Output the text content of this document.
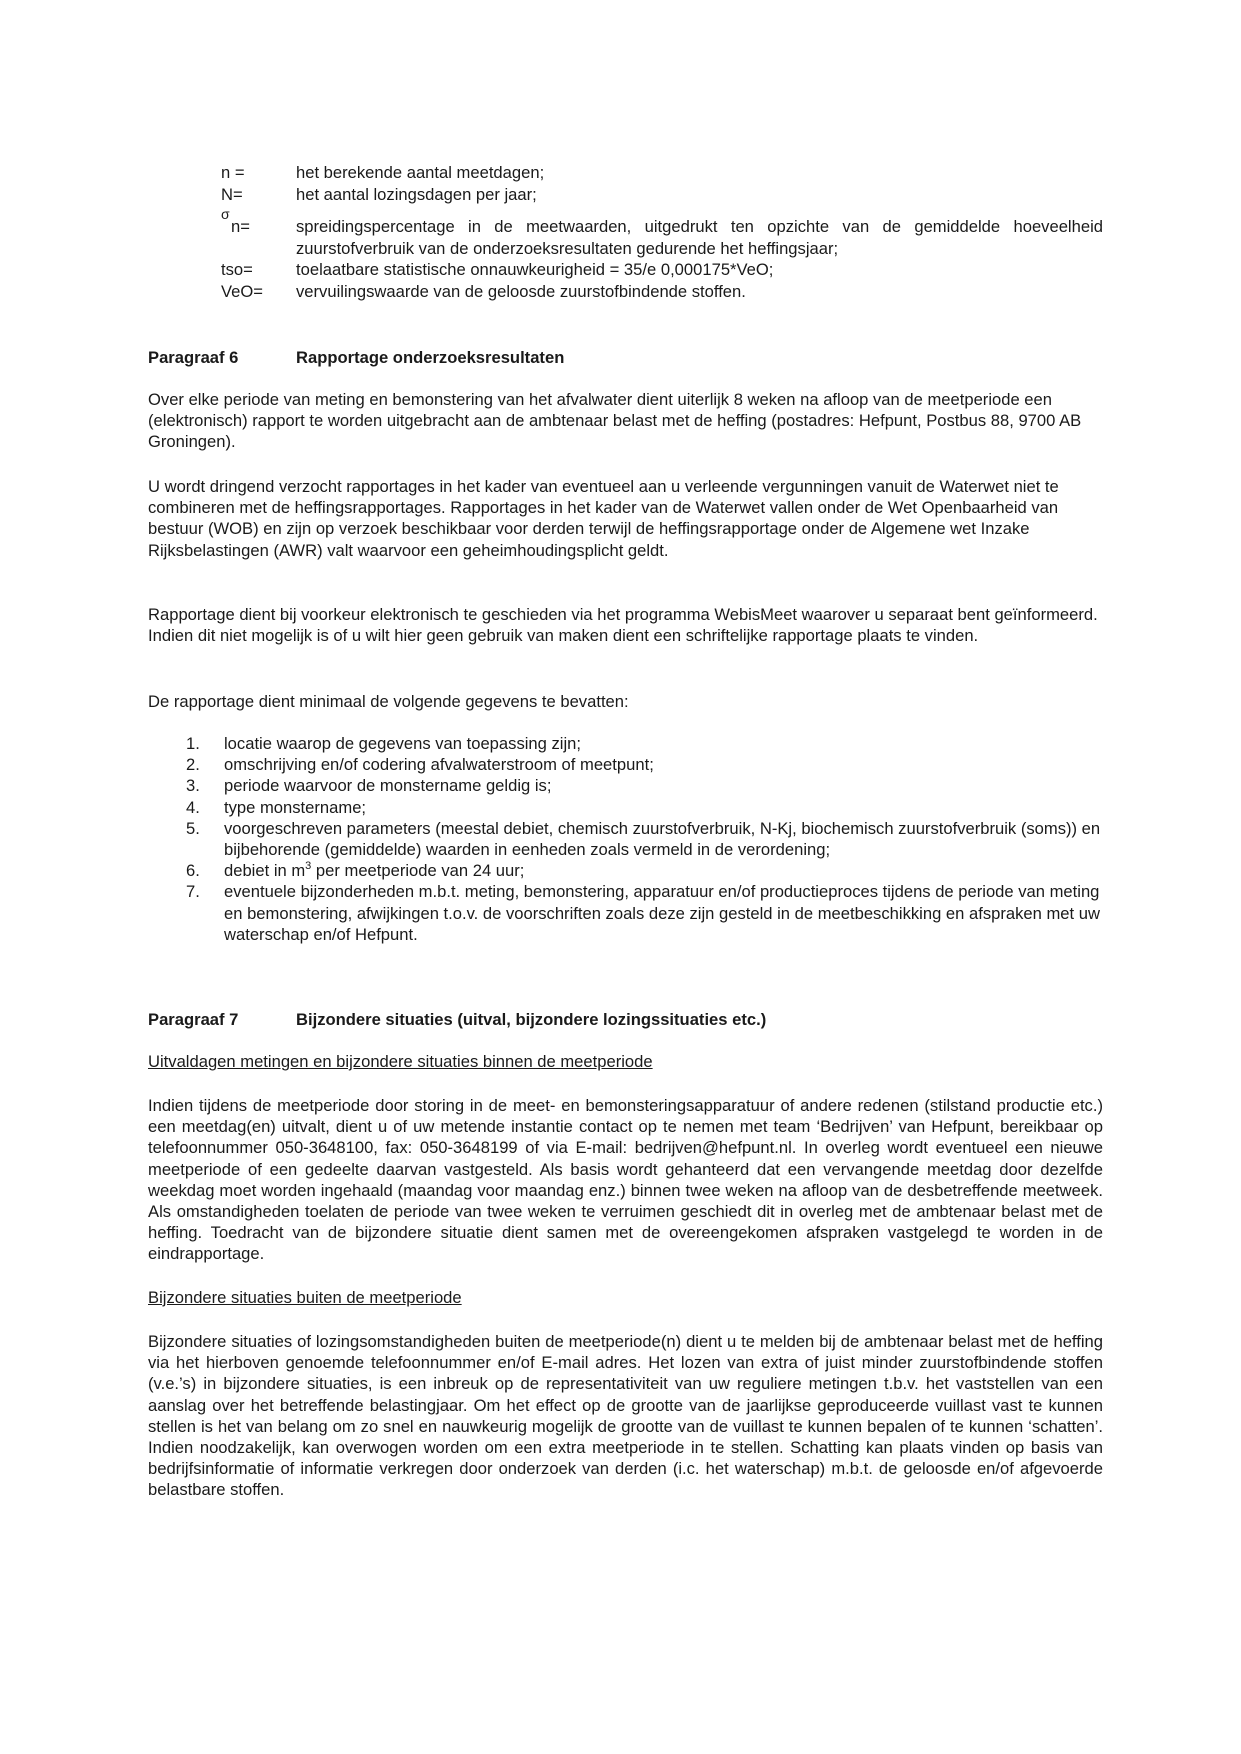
n =	het berekende aantal meetdagen;
N=	het aantal lozingsdagen per jaar;
σ
n=	spreidingspercentage in de meetwaarden, uitgedrukt ten opzichte van de gemiddelde hoeveelheid zuurstofverbruik van de onderzoeksresultaten gedurende het heffingsjaar;
tso=	toelaatbare statistische onnauwkeurigheid = 35/e 0,000175*VeO;
VeO=	vervuilingswaarde van de geloosde zuurstofbindende stoffen.
Paragraaf 6	Rapportage onderzoeksresultaten

Over elke periode van meting en bemonstering van het afvalwater dient uiterlijk 8 weken na afloop van de meetperiode een (elektronisch) rapport te worden uitgebracht aan de ambtenaar belast met de heffing (postadres: Hefpunt, Postbus 88, 9700 AB Groningen).

U wordt dringend verzocht rapportages in het kader van eventueel aan u verleende vergunningen vanuit de Waterwet niet te combineren met de heffingsrapportages. Rapportages in het kader van de Waterwet vallen onder de Wet Openbaarheid van bestuur (WOB) en zijn op verzoek beschikbaar voor derden terwijl de heffingsrapportage onder de Algemene wet Inzake Rijksbelastingen (AWR) valt waarvoor een geheimhoudingsplicht geldt.

Rapportage dient bij voorkeur elektronisch te geschieden via het programma WebisMeet waarover u separaat bent geïnformeerd. Indien dit niet mogelijk is of u wilt hier geen gebruik van maken dient een schriftelijke rapportage plaats te vinden.

De rapportage dient minimaal de volgende gegevens te bevatten:

1.	locatie waarop de gegevens van toepassing zijn;
2.	omschrijving en/of codering afvalwaterstroom of meetpunt;
3.	periode waarvoor de monstername geldig is;
4.	type monstername;
5.	voorgeschreven parameters (meestal debiet, chemisch zuurstofverbruik, N-Kj, biochemisch zuurstofverbruik (soms)) en bijbehorende (gemiddelde) waarden in eenheden zoals vermeld in de verordening;
6.	debiet in $m^3$ per meetperiode van 24 uur;
7.	eventuele bijzonderheden m.b.t. meting, bemonstering, apparatuur en/of productieproces tijdens de periode van meting en bemonstering, afwijkingen t.o.v. de voorschriften zoals deze zijn gesteld in de meetbeschikking en afspraken met uw waterschap en/of Hefpunt.
Paragraaf 7	Bijzondere situaties (uitval, bijzondere lozingssituaties etc.)

Uitvaldagen metingen en bijzondere situaties binnen de meetperiode

Indien tijdens de meetperiode door storing in de meet- en bemonsteringsapparatuur of andere redenen (stilstand productie etc.) een meetdag(en) uitvalt, dient u of uw metende instantie contact op te nemen met team ‘Bedrijven’ van Hefpunt, bereikbaar op telefoonnummer 050-3648100, fax: 050-3648199 of via E-mail: bedrijven@hefpunt.nl. In overleg wordt eventueel een nieuwe meetperiode of een gedeelte daarvan vastgesteld. Als basis wordt gehanteerd dat een vervangende meetdag door dezelfde weekdag moet worden ingehaald (maandag voor maandag enz.) binnen twee weken na afloop van de desbetreffende meetweek. Als omstandigheden toelaten de periode van twee weken te verruimen geschiedt dit in overleg met de ambtenaar belast met de heffing. Toedracht van de bijzondere situatie dient samen met de overeengekomen afspraken vastgelegd te worden in de eindrapportage.

Bijzondere situaties buiten de meetperiode

Bijzondere situaties of lozingsomstandigheden buiten de meetperiode(n) dient u te melden bij de ambtenaar belast met de heffing via het hierboven genoemde telefoonnummer en/of E-mail adres. Het lozen van extra of juist minder zuurstofbindende stoffen (v.e.’s) in bijzondere situaties, is een inbreuk op de representativiteit van uw reguliere metingen t.b.v. het vaststellen van een aanslag over het betreffende belastingjaar. Om het effect op de grootte van de jaarlijkse geproduceerde vuillast vast te kunnen stellen is het van belang om zo snel en nauwkeurig mogelijk de grootte van de vuillast te kunnen bepalen of te kunnen ‘schatten’. Indien noodzakelijk, kan overwogen worden om een extra meetperiode in te stellen. Schatting kan plaats vinden op basis van bedrijfsinformatie of informatie verkregen door onderzoek van derden (i.c. het waterschap) m.b.t. de geloosde en/of afgevoerde belastbare stoffen.
